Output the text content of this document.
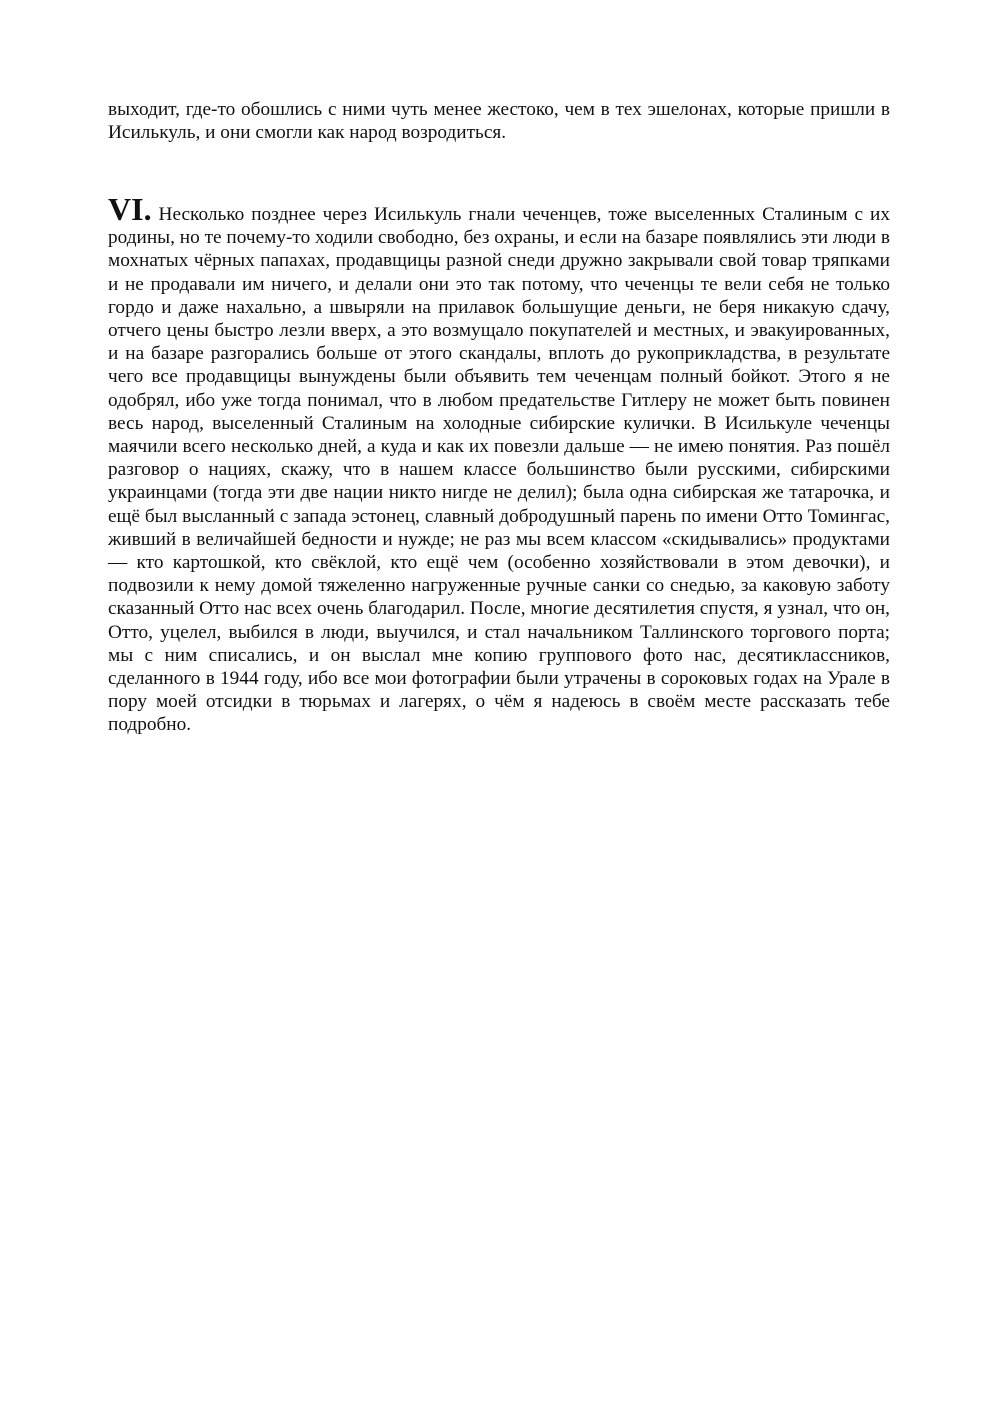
выходит, где-то обошлись с ними чуть менее жестоко, чем в тех эшелонах, которые пришли в Исилькуль, и они смогли как народ возродиться.

VI. Несколько позднее через Исилькуль гнали чеченцев, тоже выселенных Сталиным с их родины, но те почему-то ходили свободно, без охраны, и если на базаре появлялись эти люди в мохнатых чёрных папахах, продавщицы разной снеди дружно закрывали свой товар тряпками и не продавали им ничего, и делали они это так потому, что чеченцы те вели себя не только гордо и даже нахально, а швыряли на прилавок большущие деньги, не беря никакую сдачу, отчего цены быстро лезли вверх, а это возмущало покупателей и местных, и эвакуированных, и на базаре разгорались больше от этого скандалы, вплоть до рукоприкладства, в результате чего все продавщицы вынуждены были объявить тем чеченцам полный бойкот. Этого я не одобрял, ибо уже тогда понимал, что в любом предательстве Гитлеру не может быть повинен весь народ, выселенный Сталиным на холодные сибирские кулички. В Исилькуле чеченцы маячили всего несколько дней, а куда и как их повезли дальше — не имею понятия. Раз пошёл разговор о нациях, скажу, что в нашем классе большинство были русскими, сибирскими украинцами (тогда эти две нации никто нигде не делил); была одна сибирская же татарочка, и ещё был высланный с запада эстонец, славный добродушный парень по имени Отто Томингас, живший в величайшей бедности и нужде; не раз мы всем классом «скидывались» продуктами — кто картошкой, кто свёклой, кто ещё чем (особенно хозяйствовали в этом девочки), и подвозили к нему домой тяжеленно нагруженные ручные санки со снедью, за каковую заботу сказанный Отто нас всех очень благодарил. После, многие десятилетия спустя, я узнал, что он, Отто, уцелел, выбился в люди, выучился, и стал начальником Таллинского торгового порта; мы с ним списались, и он выслал мне копию группового фото нас, десятиклассников, сделанного в 1944 году, ибо все мои фотографии были утрачены в сороковых годах на Урале в пору моей отсидки в тюрьмах и лагерях, о чём я надеюсь в своём месте рассказать тебе подробно.
